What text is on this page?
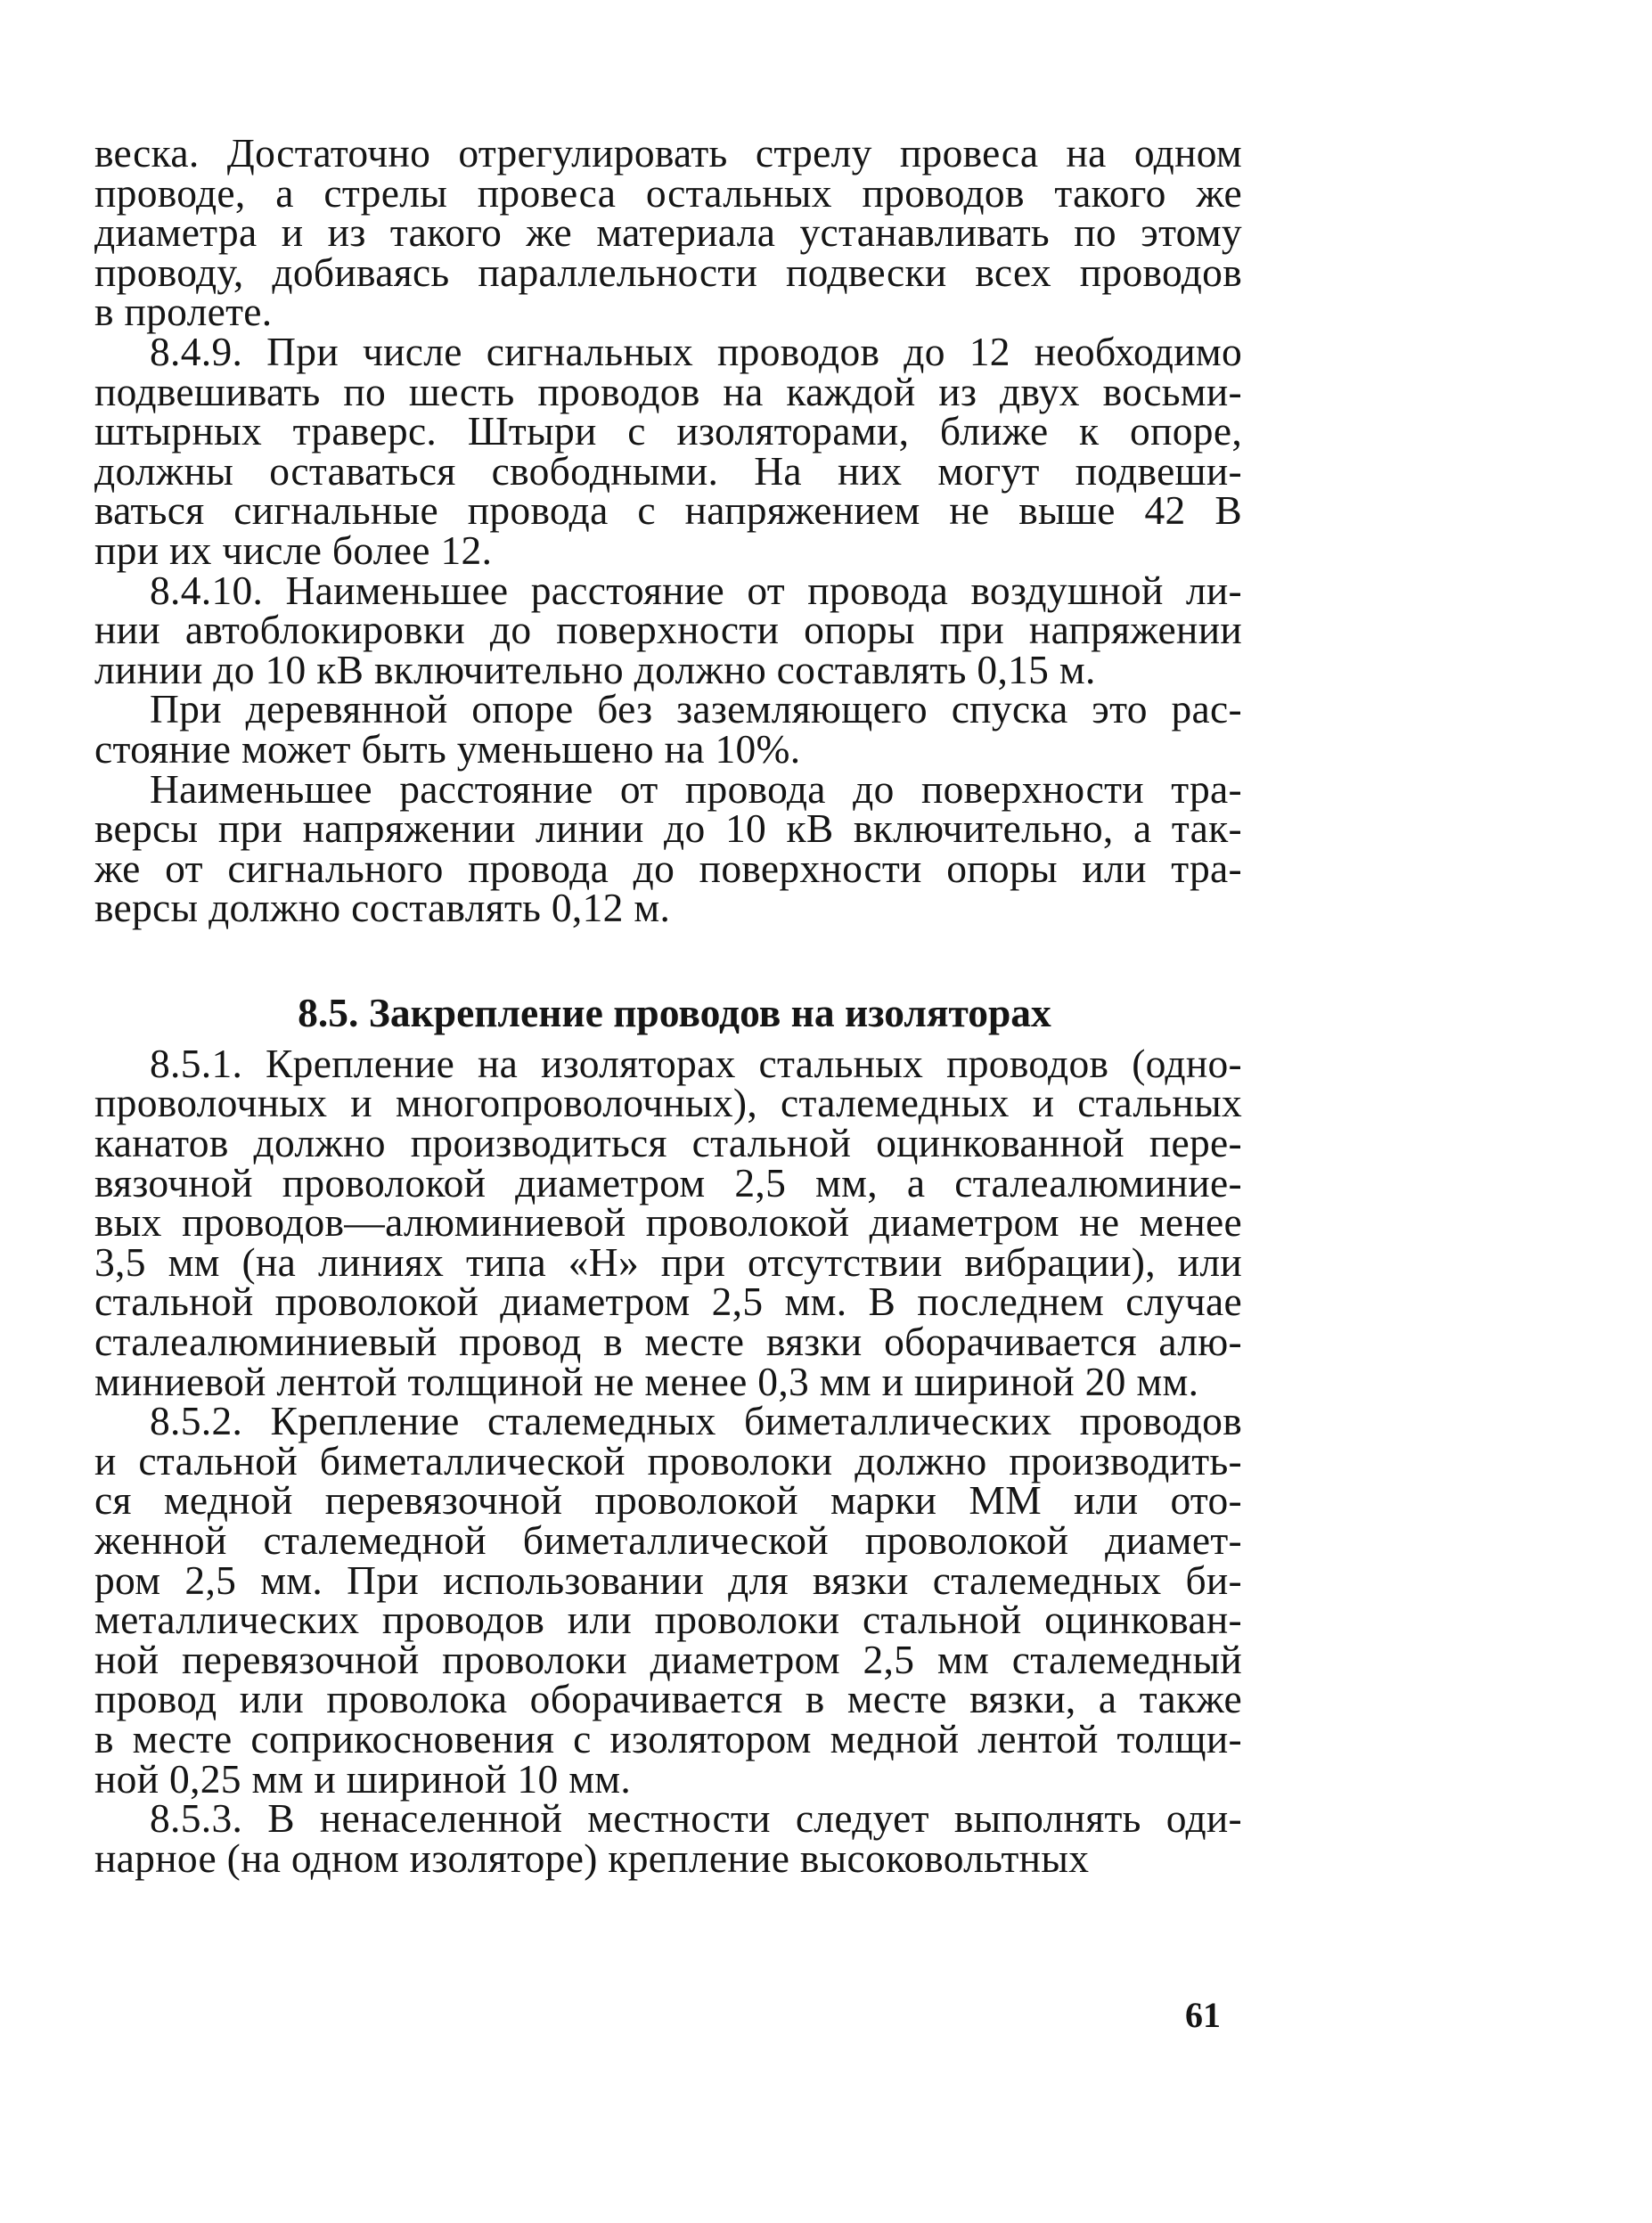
веска. Достаточно отрегулировать стрелу провеса на одном
проводе, а стрелы провеса остальных проводов такого же
диаметра и из такого же материала устанавливать по этому
проводу, добиваясь параллельности подвески всех проводов
в пролете.
8.4.9. При числе сигнальных проводов до 12 необходимо
подвешивать по шесть проводов на каждой из двух восьми-
штырных траверс. Штыри с изоляторами, ближе к опоре,
должны оставаться свободными. На них могут подвеши-
ваться сигнальные провода с напряжением не выше 42 В
при их числе более 12.
8.4.10. Наименьшее расстояние от провода воздушной ли-
нии автоблокировки до поверхности опоры при напряжении
линии до 10 кВ включительно должно составлять 0,15 м.
При деревянной опоре без заземляющего спуска это рас-
стояние может быть уменьшено на 10%.
Наименьшее расстояние от провода до поверхности тра-
версы при напряжении линии до 10 кВ включительно, а так-
же от сигнального провода до поверхности опоры или тра-
версы должно составлять 0,12 м.
8.5. Закрепление проводов на изоляторах
8.5.1. Крепление на изоляторах стальных проводов (одно-
проволочных и многопроволочных), сталемедных и стальных
канатов должно производиться стальной оцинкованной пере-
вязочной проволокой диаметром 2,5 мм, а сталеалюминие-
вых проводов—алюминиевой проволокой диаметром не менее
3,5 мм (на линиях типа «Н» при отсутствии вибрации), или
стальной проволокой диаметром 2,5 мм. В последнем случае
сталеалюминиевый провод в месте вязки оборачивается алю-
миниевой лентой толщиной не менее 0,3 мм и шириной 20 мм.
8.5.2. Крепление сталемедных биметаллических проводов
и стальной биметаллической проволоки должно производить-
ся медной перевязочной проволокой марки ММ или ото-
женной сталемедной биметаллической проволокой диамет-
ром 2,5 мм. При использовании для вязки сталемедных би-
металлических проводов или проволоки стальной оцинкован-
ной перевязочной проволоки диаметром 2,5 мм сталемедный
провод или проволока оборачивается в месте вязки, а также
в месте соприкосновения с изолятором медной лентой толщи-
ной 0,25 мм и шириной 10 мм.
8.5.3. В ненаселенной местности следует выполнять оди-
нарное (на одном изоляторе) крепление высоковольтных
61
